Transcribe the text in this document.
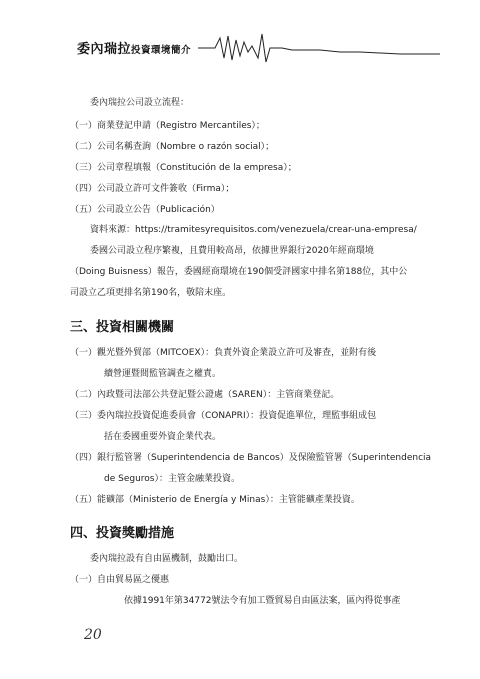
委內瑞拉投資環境簡介
委內瑞拉公司設立流程：
（一）商業登記申請（Registro Mercantiles）；
（二）公司名稱查詢（Nombre o razón social）；
（三）公司章程填報（Constitución de la empresa）；
（四）公司設立許可文件簽收（Firma）；
（五）公司設立公告（Publicación）
資料來源：https://tramitesyrequisitos.com/venezuela/crear-una-empresa/
委國公司設立程序繁複，且費用較高昂，依據世界銀行2020年經商環境
（Doing Buisness）報告，委國經商環境在190個受評國家中排名第188位，其中公
司設立乙項更排名第190名，敬陪末座。
三、投資相關機關
（一）觀光暨外貿部（MITCOEX）：負責外資企業設立許可及審查，並附有後
續營運暨間監管調查之權責。
（二）內政暨司法部公共登記暨公證處（SAREN）：主管商業登記。
（三）委內瑞拉投資促進委員會（CONAPRI）：投資促進單位，理監事組成包
括在委國重要外資企業代表。
（四）銀行監管署（Superintendencia de Bancos）及保險監管署（Superintendencia
de Seguros）：主管金融業投資。
（五）能礦部（Ministerio de Energía y Minas）：主管能礦產業投資。
四、投資獎勵措施
委內瑞拉設有自由區機制，鼓勵出口。
（一）自由貿易區之優惠
依據1991年第34772號法令有加工暨貿易自由區法案，區內得從事產
20
